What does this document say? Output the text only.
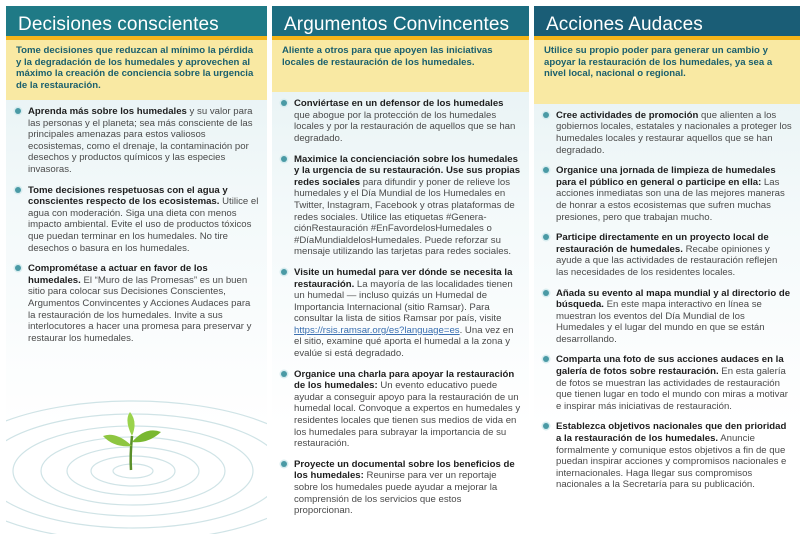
Decisiones conscientes
Tome decisiones que reduzcan al mínimo la pérdida y la degradación de los humedales y aprovechen al máximo la creación de conciencia sobre la urgencia de la restauración.
Aprenda más sobre los humedales y su valor para las personas y el planeta; sea más consciente de las principales amenazas para estos valiosos ecosistemas, como el drenaje, la contaminación por desechos y productos químicos y las especies invasoras.
Tome decisiones respetuosas con el agua y conscientes respecto de los ecosistemas. Utilice el agua con moderación. Siga una dieta con menos impacto ambiental. Evite el uso de productos tóxicos que puedan terminar en los humedales. No tire desechos o basura en los humedales.
Comprométase a actuar en favor de los humedales. El “Muro de las Promesas” es un buen sitio para colocar sus Decisiones Conscientes, Argumentos Convincentes y Acciones Audaces para la restauración de los humedales. Invite a sus interlocutores a hacer una promesa para preservar y restaurar los humedales.
Argumentos Convincentes
Aliente a otros para que apoyen las iniciativas locales de restauración de los humedales.
Conviértase en un defensor de los humedales que abogue por la protección de los humedales locales y por la restauración de aquellos que se han degradado.
Maximice la concienciación sobre los humedales y la urgencia de su restauración. Use sus propias redes sociales para difundir y poner de relieve los humedales y el Día Mundial de los Humedales en Twitter, Instagram, Facebook y otras plataformas de redes sociales. Utilice las etiquetas #GeneraciónRestauración #EnFavordelosHumedales o #DíaMundialdelosHumedales. Puede reforzar su mensaje utilizando las tarjetas para redes sociales.
Visite un humedal para ver dónde se necesita la restauración. La mayoría de las localidades tienen un humedal — incluso quizás un Humedal de Importancia Internacional (sitio Ramsar). Para consultar la lista de sitios Ramsar por país, visite https://rsis.ramsar.org/es?language=es. Una vez en el sitio, examine qué aporta el humedal a la zona y evalúe si está degradado.
Organice una charla para apoyar la restauración de los humedales: Un evento educativo puede ayudar a conseguir apoyo para la restauración de un humedal local. Convoque a expertos en humedales y residentes locales que tienen sus medios de vida en los humedales para subrayar la importancia de su restauración.
Proyecte un documental sobre los beneficios de los humedales: Reunirse para ver un reportaje sobre los humedales puede ayudar a mejorar la comprensión de los servicios que estos proporcionan.
Acciones Audaces
Utilice su propio poder para generar un cambio y apoyar la restauración de los humedales, ya sea a nivel local, nacional o regional.
Cree actividades de promoción que alienten a los gobiernos locales, estatales y nacionales a proteger los humedales locales y restaurar aquellos que se han degradado.
Organice una jornada de limpieza de humedales para el público en general o participe en ella: Las acciones inmediatas son una de las mejores maneras de honrar a estos ecosistemas que sufren muchas presiones, pero que trabajan mucho.
Participe directamente en un proyecto local de restauración de humedales. Recabe opiniones y ayude a que las actividades de restauración reflejen las necesidades de los residentes locales.
Añada su evento al mapa mundial y al directorio de búsqueda. En este mapa interactivo en línea se muestran los eventos del Día Mundial de los Humedales y el lugar del mundo en que se están desarrollando.
Comparta una foto de sus acciones audaces en la galería de fotos sobre restauración. En esta galería de fotos se muestran las actividades de restauración que tienen lugar en todo el mundo con miras a motivar e inspirar más iniciativas de restauración.
Establezca objetivos nacionales que den prioridad a la restauración de los humedales. Anuncie formalmente y comunique estos objetivos a fin de que puedan inspirar acciones y compromisos nacionales e internacionales. Haga llegar sus compromisos nacionales a la Secretaría para su publicación.
